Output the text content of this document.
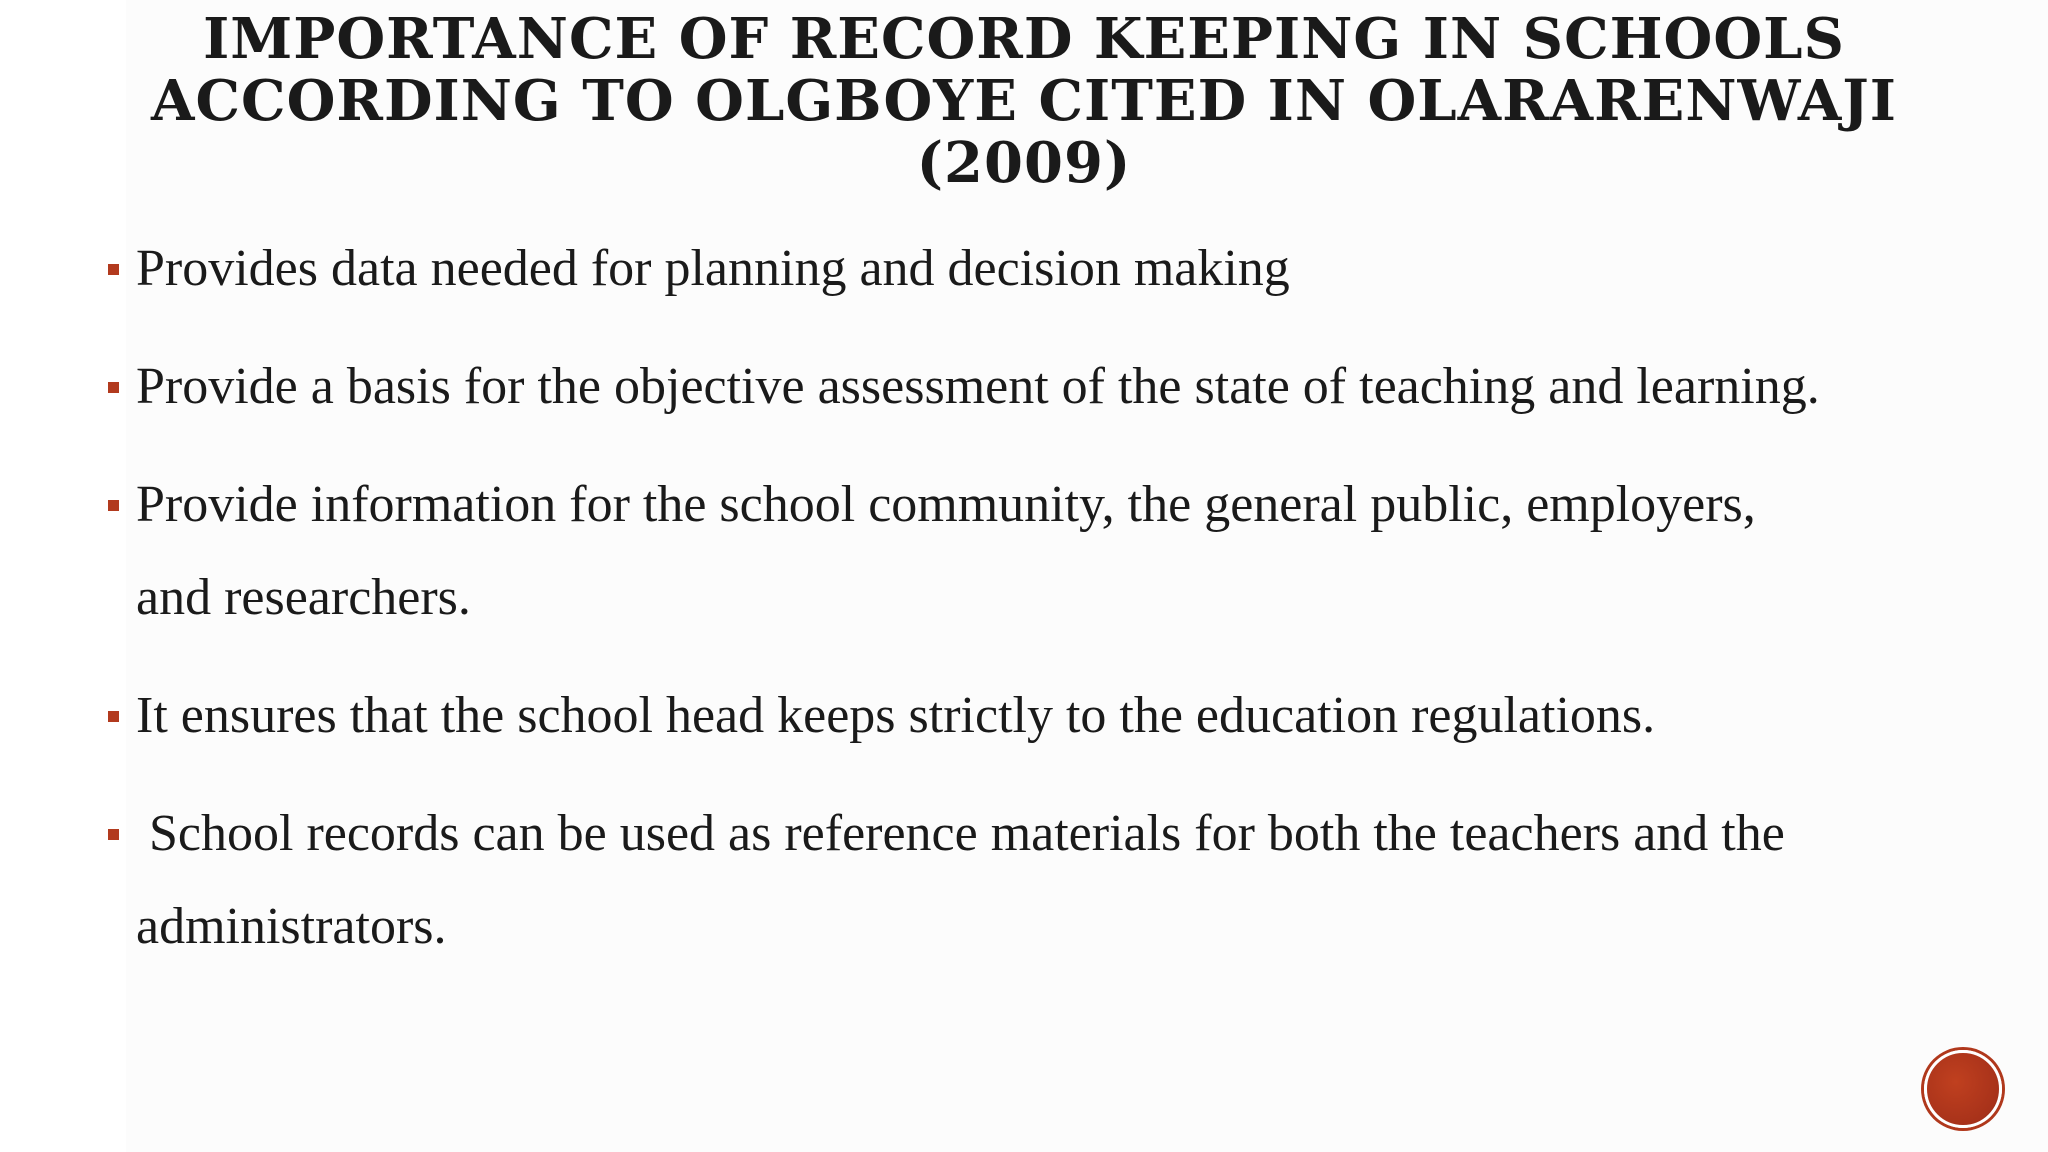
IMPORTANCE OF RECORD KEEPING IN SCHOOLS
ACCORDING TO OLGBOYE CITED IN OLARARENWAJI
(2009)
Provides data needed for planning and decision making
Provide a basis for the objective assessment of the state of teaching and learning.
Provide information for the school community, the general public, employers, and researchers.
It ensures that the school head keeps strictly to the education regulations.
School records can be used as reference materials for both the teachers and the administrators.
